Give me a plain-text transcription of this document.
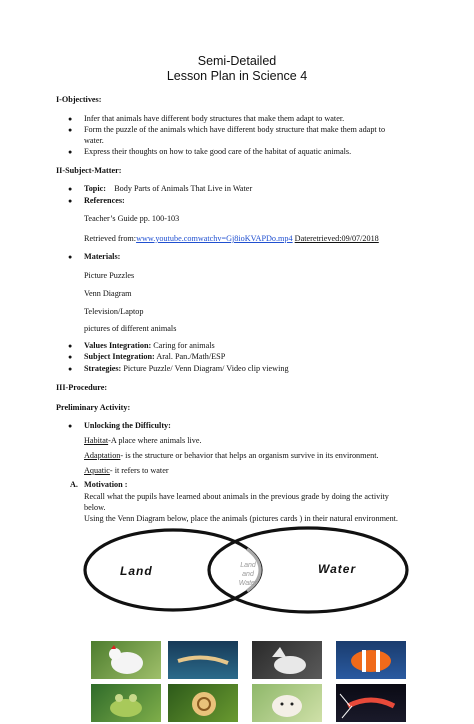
Semi-Detailed
Lesson Plan in Science 4
I-Objectives:
● Infer that animals have different body structures that make them adapt to water.
● Form the puzzle of the animals which have different body structure that make them adapt to
water.
● Express their thoughts on how to take good care of the habitat of aquatic animals.
II-Subject-Matter:
● Topic: Body Parts of Animals That Live in Water
● References:
Teacher’s Guide pp. 100-103
Retrieved from:www.youtube.comwatchv=Gj8ioKVAPDo.mp4 Dateretrieved:09/07/2018
● Materials:
Picture Puzzles
Venn Diagram
Television/Laptop
pictures of different animals
● Values Integration: Caring for animals
● Subject Integration: Aral. Pan./Math/ESP
● Strategies: Picture Puzzle/ Venn Diagram/ Video clip viewing
III-Procedure:
Preliminary Activity:
● Unlocking the Difficulty:
Habitat-A place where animals live.
Adaptation- is the structure or behavior that helps an organism survive in its environment.
Aquatic- it refers to water
A. Motivation :
Recall what the pupils have learned about animals in the previous grade by doing the activity
below.
Using the Venn Diagram below, place the animals (pictures cards ) in their natural environment.
Land	Water
Land
and
Water
